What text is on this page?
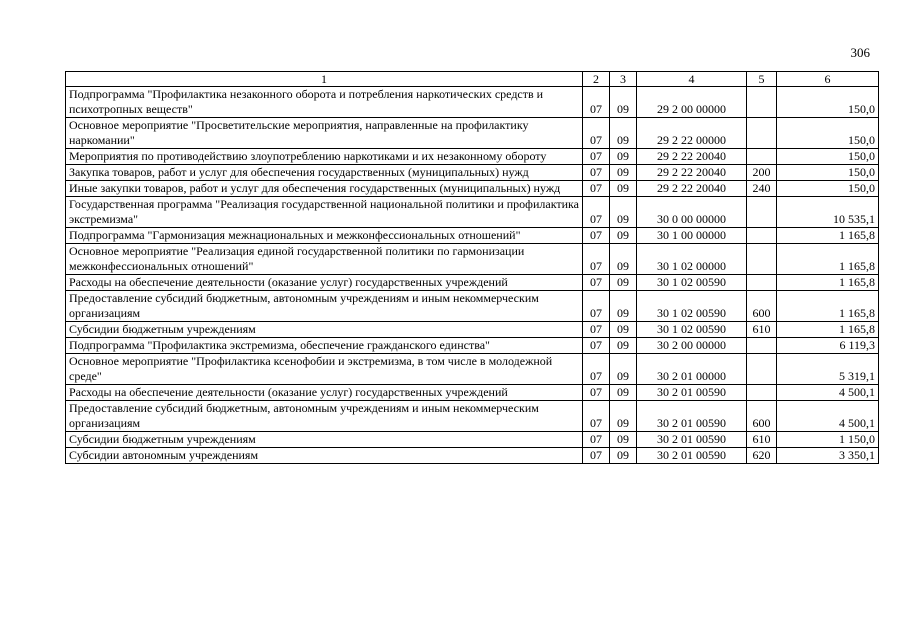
306
1	2	3	4	5	6
Подпрограмма "Профилактика незаконного оборота и потребления наркотических средств и психотропных веществ"	07	09	29 2 00 00000		150,0
Основное мероприятие "Просветительские мероприятия, направленные на профилактику наркомании"	07	09	29 2 22 00000		150,0
Мероприятия по противодействию злоупотреблению наркотиками и их незаконному обороту	07	09	29 2 22 20040		150,0
Закупка товаров, работ и услуг для обеспечения государственных (муниципальных) нужд	07	09	29 2 22 20040	200	150,0
Иные закупки товаров, работ и услуг для обеспечения государственных (муниципальных) нужд	07	09	29 2 22 20040	240	150,0
Государственная программа "Реализация государственной национальной политики и профилактика экстремизма"	07	09	30 0 00 00000		10 535,1
Подпрограмма "Гармонизация межнациональных и межконфессиональных отношений"	07	09	30 1 00 00000		1 165,8
Основное мероприятие "Реализация единой государственной политики по гармонизации межконфессиональных отношений"	07	09	30 1 02 00000		1 165,8
Расходы на обеспечение деятельности (оказание услуг) государственных учреждений	07	09	30 1 02 00590		1 165,8
Предоставление субсидий бюджетным, автономным учреждениям и иным некоммерческим организациям	07	09	30 1 02 00590	600	1 165,8
Субсидии бюджетным учреждениям	07	09	30 1 02 00590	610	1 165,8
Подпрограмма "Профилактика экстремизма, обеспечение гражданского единства"	07	09	30 2 00 00000		6 119,3
Основное мероприятие "Профилактика ксенофобии и экстремизма, в том числе в молодежной среде"	07	09	30 2 01 00000		5 319,1
Расходы на обеспечение деятельности (оказание услуг) государственных учреждений	07	09	30 2 01 00590		4 500,1
Предоставление субсидий бюджетным, автономным учреждениям и иным некоммерческим организациям	07	09	30 2 01 00590	600	4 500,1
Субсидии бюджетным учреждениям	07	09	30 2 01 00590	610	1 150,0
Субсидии автономным учреждениям	07	09	30 2 01 00590	620	3 350,1
